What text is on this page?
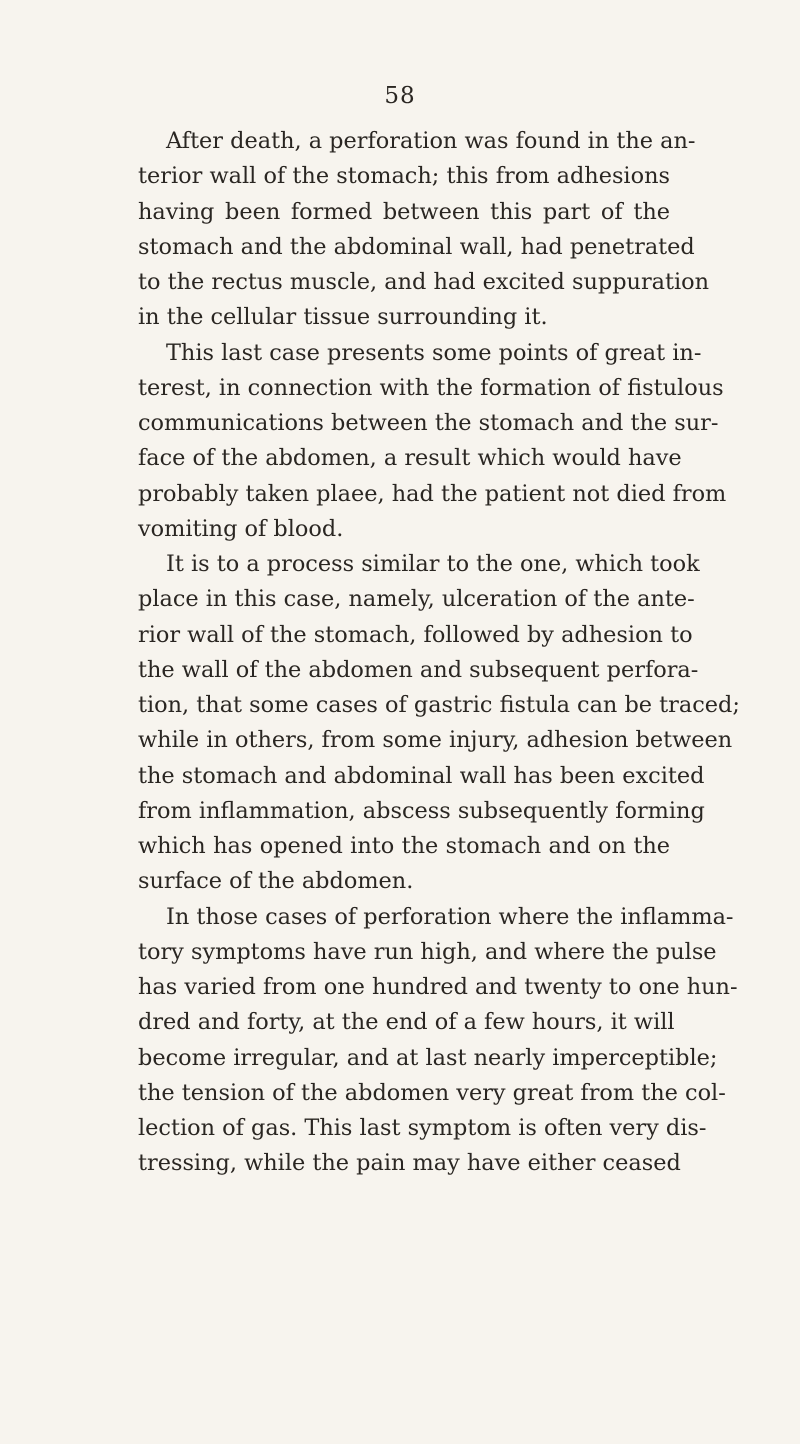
58
After death, a perforation was found in the an-
terior wall of the stomach; this from adhesions
having been formed between this part of the
stomach and the abdominal wall, had penetrated
to the rectus muscle, and had excited suppuration
in the cellular tissue surrounding it.
This last case presents some points of great in-
terest, in connection with the formation of fistulous
communications between the stomach and the sur-
face of the abdomen, a result which would have
probably taken plaee, had the patient not died from
vomiting of blood.
It is to a process similar to the one, which took
place in this case, namely, ulceration of the ante-
rior wall of the stomach, followed by adhesion to
the wall of the abdomen and subsequent perfora-
tion, that some cases of gastric fistula can be traced;
while in others, from some injury, adhesion between
the stomach and abdominal wall has been excited
from inflammation, abscess subsequently forming
which has opened into the stomach and on the
surface of the abdomen.
In those cases of perforation where the inflamma-
tory symptoms have run high, and where the pulse
has varied from one hundred and twenty to one hun-
dred and forty, at the end of a few hours, it will
become irregular, and at last nearly imperceptible;
the tension of the abdomen very great from the col-
lection of gas. This last symptom is often very dis-
tressing, while the pain may have either ceased
